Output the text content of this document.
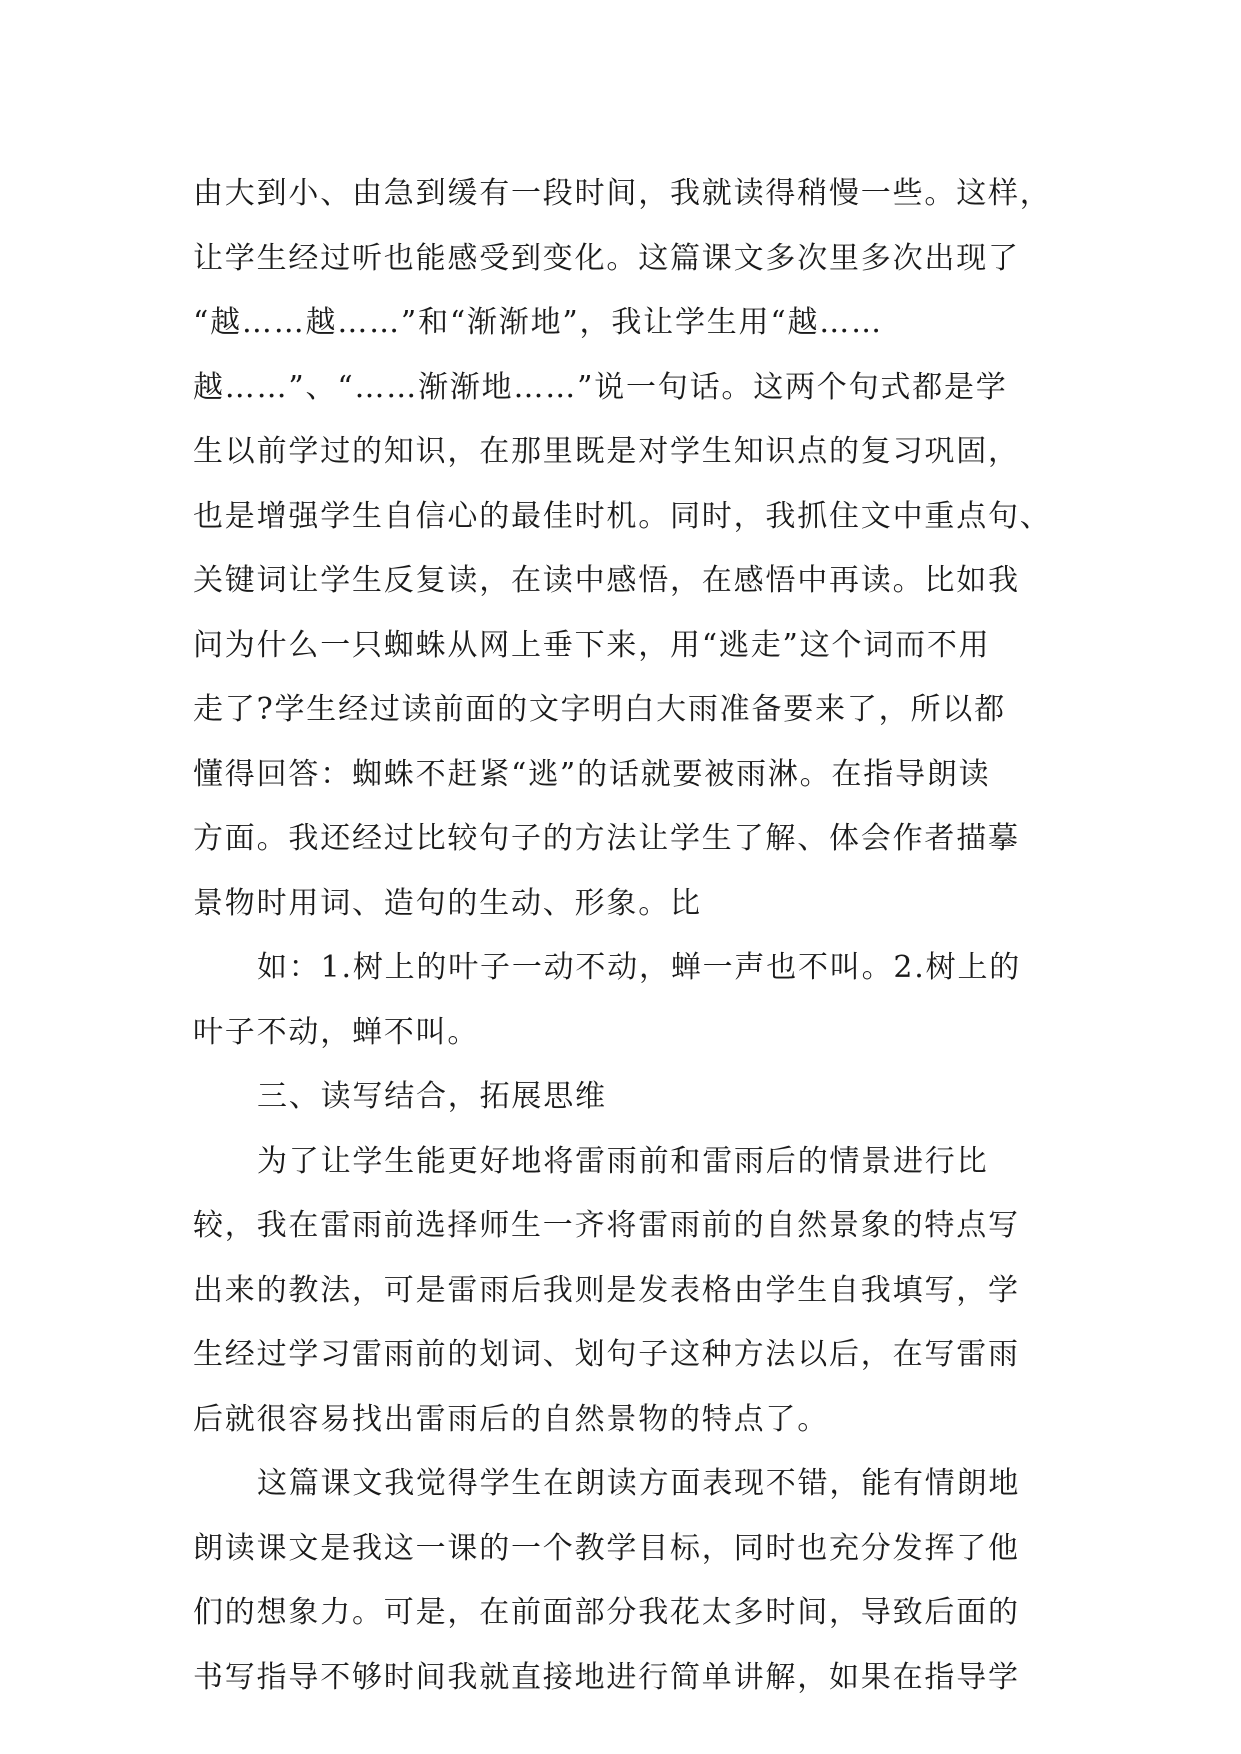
由大到小、由急到缓有一段时间，我就读得稍慢一些。这样，
让学生经过听也能感受到变化。这篇课文多次里多次出现了
“越……越……”和“渐渐地”，我让学生用“越……
越……”、“……渐渐地……”说一句话。这两个句式都是学
生以前学过的知识，在那里既是对学生知识点的复习巩固，
也是增强学生自信心的最佳时机。同时，我抓住文中重点句、
关键词让学生反复读，在读中感悟，在感悟中再读。比如我
问为什么一只蜘蛛从网上垂下来，用“逃走”这个词而不用
走了?学生经过读前面的文字明白大雨准备要来了，所以都
懂得回答：蜘蛛不赶紧“逃”的话就要被雨淋。在指导朗读
方面。我还经过比较句子的方法让学生了解、体会作者描摹
景物时用词、造句的生动、形象。比
如：1.树上的叶子一动不动，蝉一声也不叫。2.树上的
叶子不动，蝉不叫。
三、读写结合，拓展思维
为了让学生能更好地将雷雨前和雷雨后的情景进行比
较，我在雷雨前选择师生一齐将雷雨前的自然景象的特点写
出来的教法，可是雷雨后我则是发表格由学生自我填写，学
生经过学习雷雨前的划词、划句子这种方法以后，在写雷雨
后就很容易找出雷雨后的自然景物的特点了。
这篇课文我觉得学生在朗读方面表现不错，能有情朗地
朗读课文是我这一课的一个教学目标，同时也充分发挥了他
们的想象力。可是，在前面部分我花太多时间，导致后面的
书写指导不够时间我就直接地进行简单讲解，如果在指导学
